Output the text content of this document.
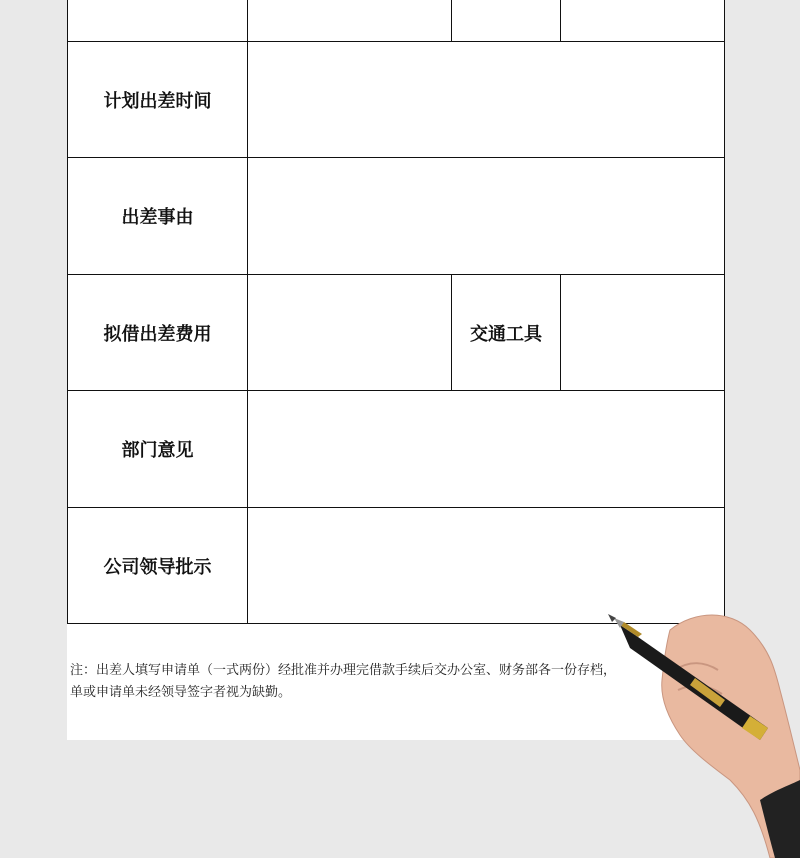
计划出差时间
出差事由
拟借出差费用	交通工具
部门意见
公司领导批示
注：出差人填写申请单（一式两份）经批准并办理完借款手续后交办公室、财务部各一份存档，
单或申请单未经领导签字者视为缺勤。
